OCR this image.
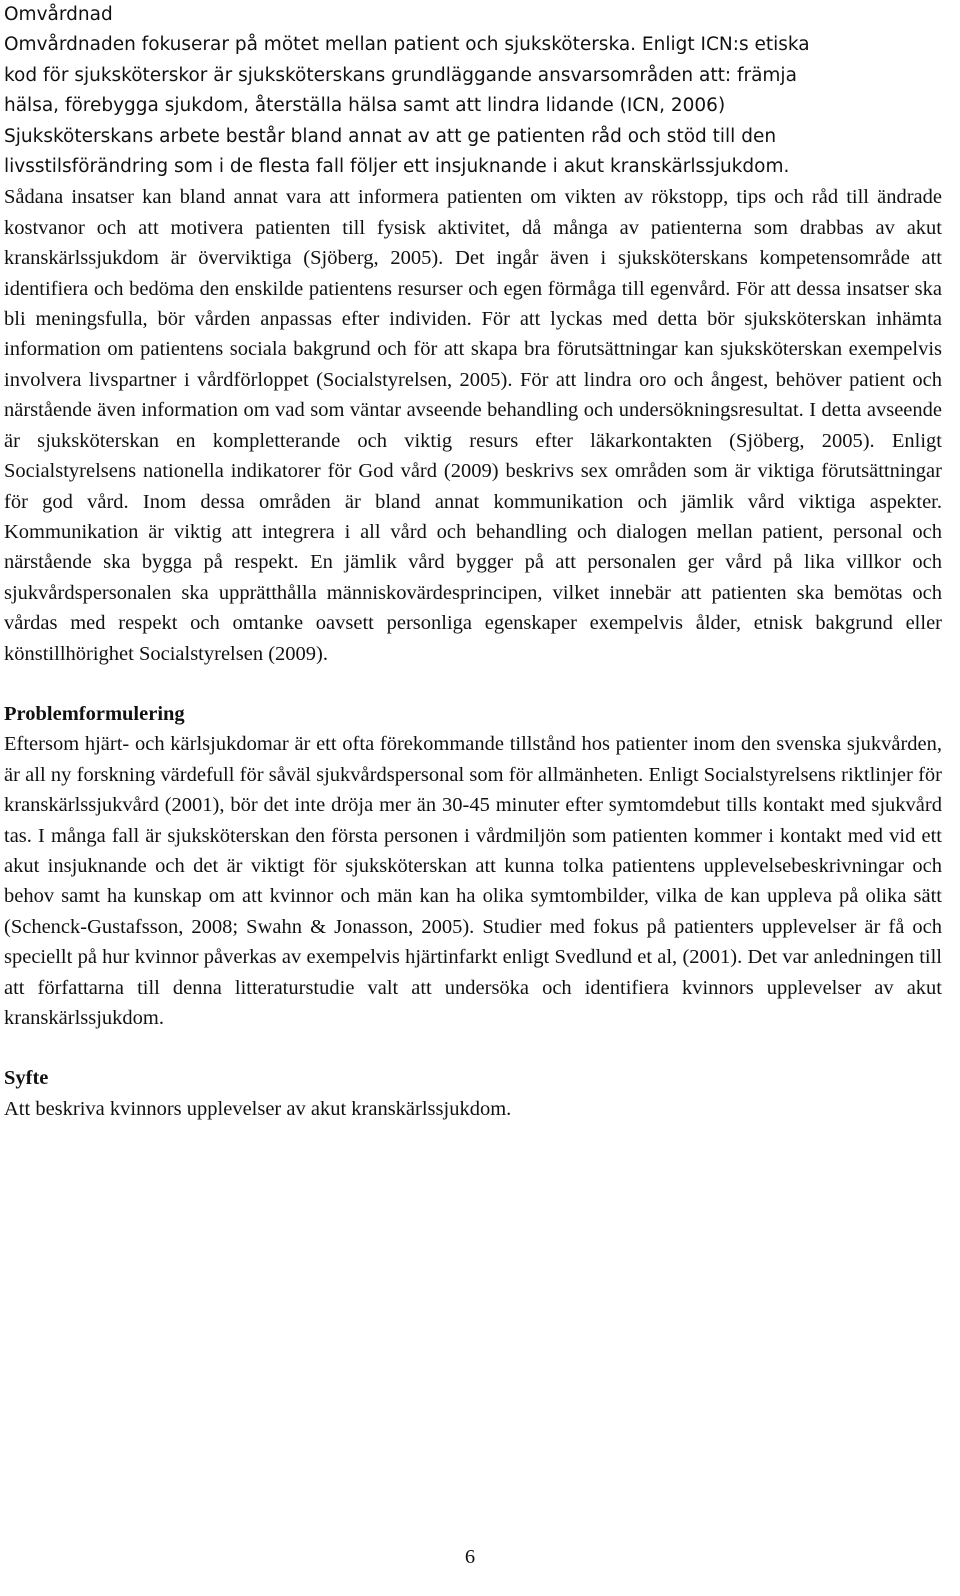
Omvårdnad

Omvårdnaden fokuserar på mötet mellan patient och sjuksköterska. Enligt ICN:s etiska
kod för sjuksköterskor är sjuksköterskans grundläggande ansvarsområden att: främja
hälsa, förebygga sjukdom, återställa hälsa samt att lindra lidande (ICN, 2006)
Sjuksköterskans arbete består bland annat av att ge patienten råd och stöd till den
livsstilsförändring som i de flesta fall följer ett insjuknande i akut kranskärlssjukdom.

Sådana insatser kan bland annat vara att informera patienten om vikten av rökstopp, tips och råd till ändrade kostvanor och att motivera patienten till fysisk aktivitet, då många av patienterna som drabbas av akut kranskärlssjukdom är överviktiga (Sjöberg, 2005). Det ingår även i sjuksköterskans kompetensområde att identifiera och bedöma den enskilde patientens resurser och egen förmåga till egenvård. För att dessa insatser ska bli meningsfulla, bör vården anpassas efter individen. För att lyckas med detta bör sjuksköterskan inhämta information om patientens sociala bakgrund och för att skapa bra förutsättningar kan sjuksköterskan exempelvis involvera livspartner i vårdförloppet (Socialstyrelsen, 2005). För att lindra oro och ångest, behöver patient och närstående även information om vad som väntar avseende behandling och undersökningsresultat. I detta avseende är sjuksköterskan en kompletterande och viktig resurs efter läkarkontakten (Sjöberg, 2005). Enligt Socialstyrelsens nationella indikatorer för God vård (2009) beskrivs sex områden som är viktiga förutsättningar för god vård. Inom dessa områden är bland annat kommunikation och jämlik vård viktiga aspekter. Kommunikation är viktig att integrera i all vård och behandling och dialogen mellan patient, personal och närstående ska bygga på respekt. En jämlik vård bygger på att personalen ger vård på lika villkor och sjukvårdspersonalen ska upprätthålla människovärdesprincipen, vilket innebär att patienten ska bemötas och vårdas med respekt och omtanke oavsett personliga egenskaper exempelvis ålder, etnisk bakgrund eller könstillhörighet Socialstyrelsen (2009).

Problemformulering

Eftersom hjärt- och kärlsjukdomar är ett ofta förekommande tillstånd hos patienter inom den svenska sjukvården, är all ny forskning värdefull för såväl sjukvårdspersonal som för allmänheten. Enligt Socialstyrelsens riktlinjer för kranskärlssjukvård (2001), bör det inte dröja mer än 30-45 minuter efter symtomdebut tills kontakt med sjukvård tas. I många fall är sjuksköterskan den första personen i vårdmiljön som patienten kommer i kontakt med vid ett akut insjuknande och det är viktigt för sjuksköterskan att kunna tolka patientens upplevelsebeskrivningar och behov samt ha kunskap om att kvinnor och män kan ha olika symtombilder, vilka de kan uppleva på olika sätt (Schenck-Gustafsson, 2008; Swahn & Jonasson, 2005). Studier med fokus på patienters upplevelser är få och speciellt på hur kvinnor påverkas av exempelvis hjärtinfarkt enligt Svedlund et al, (2001). Det var anledningen till att författarna till denna litteraturstudie valt att undersöka och identifiera kvinnors upplevelser av akut kranskärlssjukdom.

Syfte

Att beskriva kvinnors upplevelser av akut kranskärlssjukdom.

6
